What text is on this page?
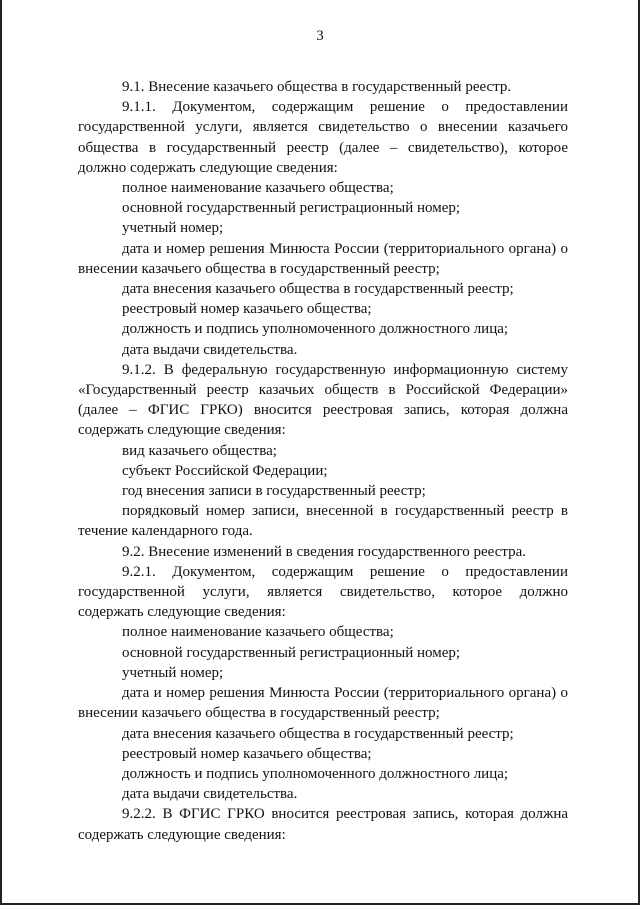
3

9.1. Внесение казачьего общества в государственный реестр.

9.1.1. Документом, содержащим решение о предоставлении государственной услуги, является свидетельство о внесении казачьего общества в государственный реестр (далее – свидетельство), которое должно содержать следующие сведения:

полное наименование казачьего общества;

основной государственный регистрационный номер;

учетный номер;

дата и номер решения Минюста России (территориального органа) о внесении казачьего общества в государственный реестр;

дата внесения казачьего общества в государственный реестр;

реестровый номер казачьего общества;

должность и подпись уполномоченного должностного лица;

дата выдачи свидетельства.

9.1.2. В федеральную государственную информационную систему «Государственный реестр казачьих обществ в Российской Федерации» (далее – ФГИС ГРКО) вносится реестровая запись, которая должна содержать следующие сведения:

вид казачьего общества;

субъект Российской Федерации;

год внесения записи в государственный реестр;

порядковый номер записи, внесенной в государственный реестр в течение календарного года.

9.2. Внесение изменений в сведения государственного реестра.

9.2.1. Документом, содержащим решение о предоставлении государственной услуги, является свидетельство, которое должно содержать следующие сведения:

полное наименование казачьего общества;

основной государственный регистрационный номер;

учетный номер;

дата и номер решения Минюста России (территориального органа) о внесении казачьего общества в государственный реестр;

дата внесения казачьего общества в государственный реестр;

реестровый номер казачьего общества;

должность и подпись уполномоченного должностного лица;

дата выдачи свидетельства.

9.2.2. В ФГИС ГРКО вносится реестровая запись, которая должна содержать следующие сведения:
